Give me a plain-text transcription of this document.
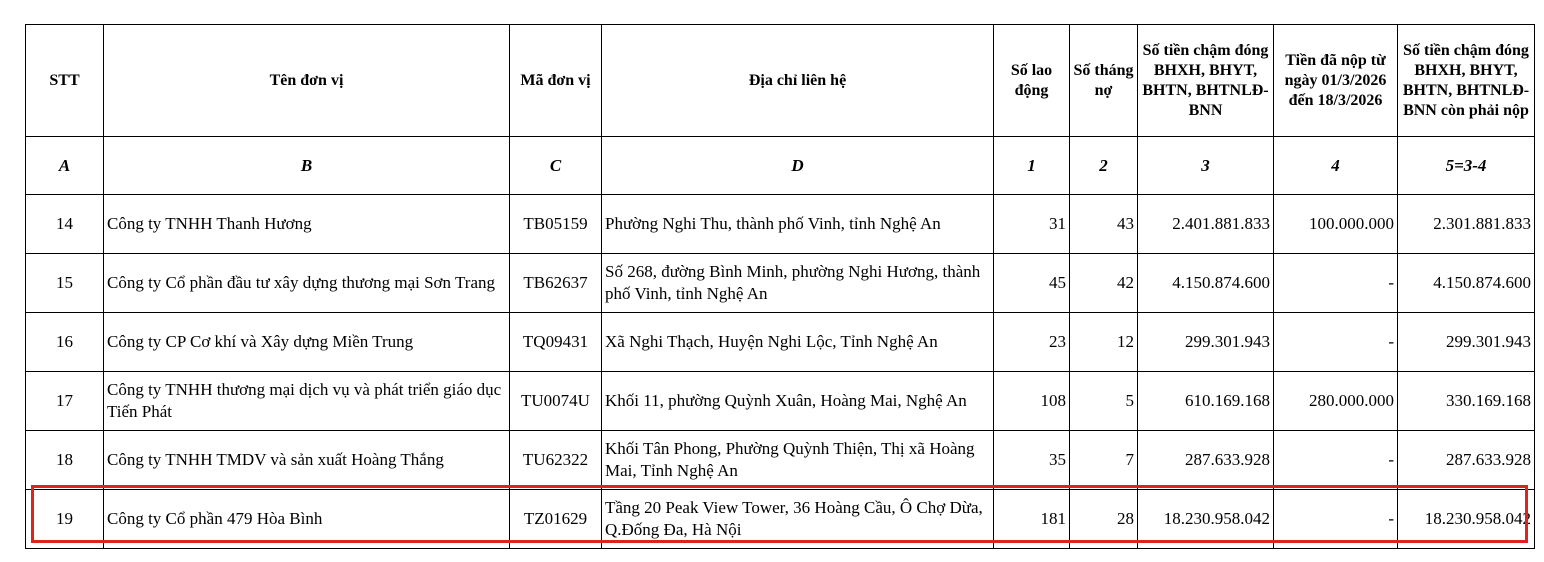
STT	Tên đơn vị	Mã đơn vị	Địa chỉ liên hệ	Số lao động	Số tháng nợ	Số tiền chậm đóng BHXH, BHYT, BHTN, BHTNLĐ-BNN	Tiền đã nộp từ ngày 01/3/2026 đến 18/3/2026	Số tiền chậm đóng BHXH, BHYT, BHTN, BHTNLĐ-BNN còn phải nộp
A	B	C	D	1	2	3	4	5=3-4
14	Công ty TNHH Thanh Hương	TB05159	Phường Nghi Thu, thành phố Vinh, tỉnh Nghệ An	31	43	2.401.881.833	100.000.000	2.301.881.833
15	Công ty Cổ phần đầu tư xây dựng thương mại Sơn Trang	TB62637	Số 268, đường Bình Minh, phường Nghi Hương, thành phố Vinh, tỉnh Nghệ An	45	42	4.150.874.600	-	4.150.874.600
16	Công ty CP Cơ khí và Xây dựng Miền Trung	TQ09431	Xã Nghi Thạch, Huyện Nghi Lộc, Tỉnh Nghệ An	23	12	299.301.943	-	299.301.943
17	Công ty TNHH thương mại dịch vụ và phát triển giáo dục Tiến Phát	TU0074U	Khối 11, phường Quỳnh Xuân, Hoàng Mai, Nghệ An	108	5	610.169.168	280.000.000	330.169.168
18	Công ty TNHH TMDV và sản xuất Hoàng Thắng	TU62322	Khối Tân Phong, Phường Quỳnh Thiện, Thị xã Hoàng Mai, Tỉnh Nghệ An	35	7	287.633.928	-	287.633.928
19	Công ty Cổ phần 479 Hòa Bình	TZ01629	Tầng 20 Peak View Tower, 36 Hoàng Cầu, Ô Chợ Dừa, Q.Đống Đa, Hà Nội	181	28	18.230.958.042	-	18.230.958.042
